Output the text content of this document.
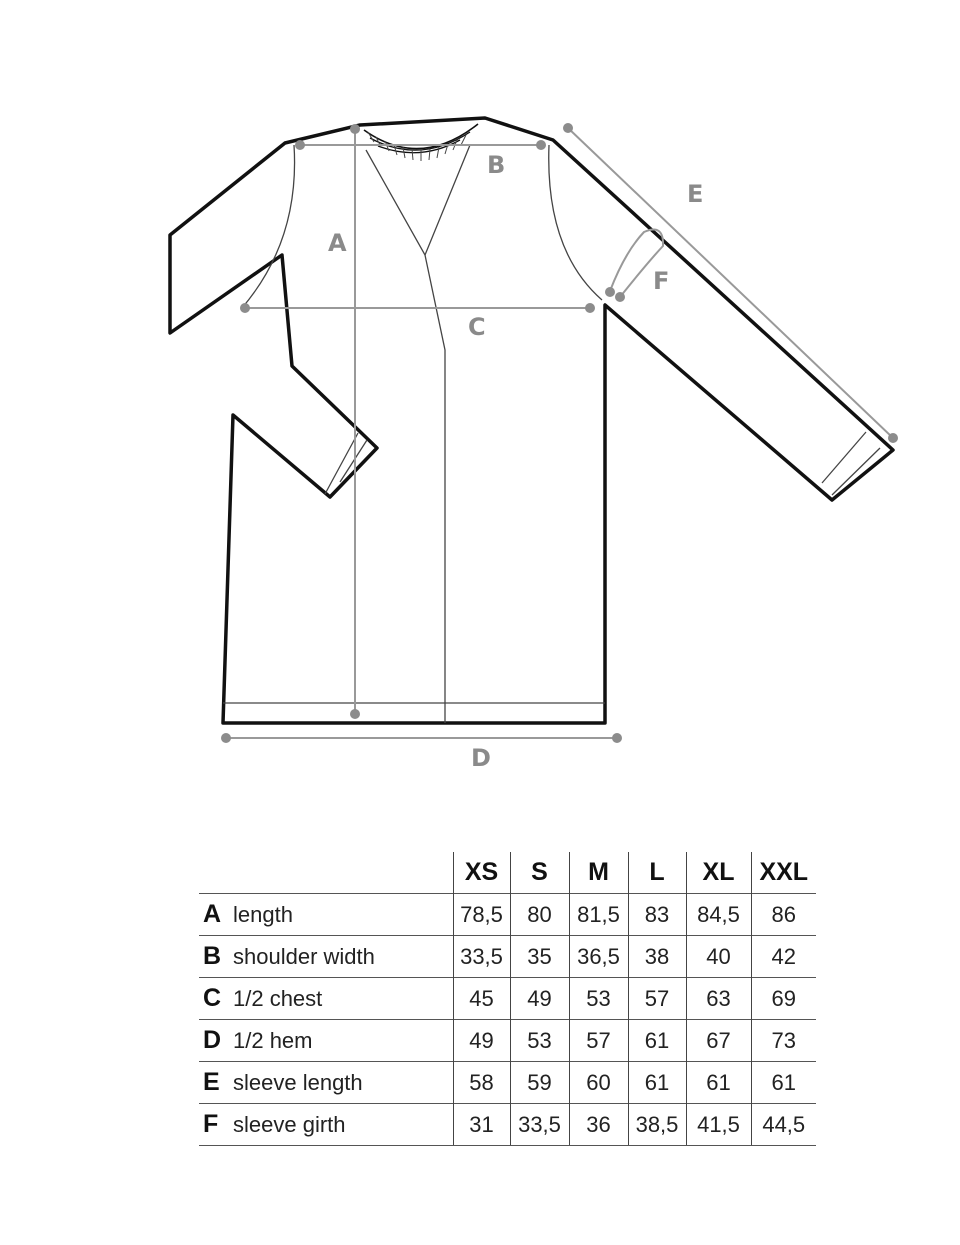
A
B
C
D
E
F
	XS	S	M	L	XL	XXL
A length	78,5	80	81,5	83	84,5	86
B shoulder width	33,5	35	36,5	38	40	42
C 1/2 chest	45	49	53	57	63	69
D 1/2 hem	49	53	57	61	67	73
E sleeve length	58	59	60	61	61	61
F sleeve girth	31	33,5	36	38,5	41,5	44,5
